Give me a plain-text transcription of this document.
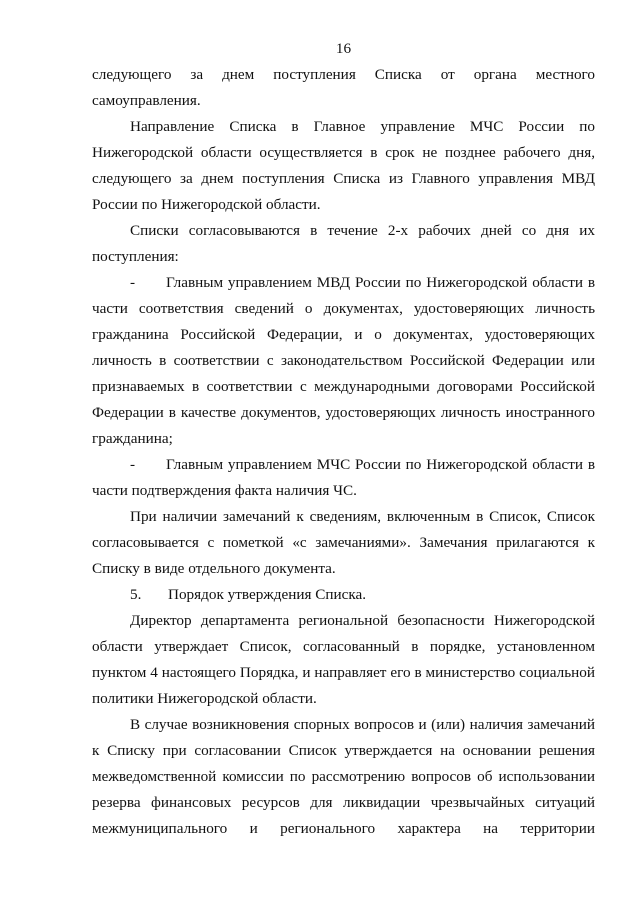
16

следующего за днем поступления Списка от органа местного самоуправления.

Направление Списка в Главное управление МЧС России по Нижегородской области осуществляется в срок не позднее рабочего дня, следующего за днем поступления Списка из Главного управления МВД России по Нижегородской области.

Списки согласовываются в течение 2-х рабочих дней со дня их поступления:

- Главным управлением МВД России по Нижегородской области в части соответствия сведений о документах, удостоверяющих личность гражданина Российской Федерации, и о документах, удостоверяющих личность в соответствии с законодательством Российской Федерации или признаваемых в соответствии с международными договорами Российской Федерации в качестве документов, удостоверяющих личность иностранного гражданина;

- Главным управлением МЧС России по Нижегородской области в части подтверждения факта наличия ЧС.

При наличии замечаний к сведениям, включенным в Список, Список согласовывается с пометкой «с замечаниями». Замечания прилагаются к Списку в виде отдельного документа.

5. Порядок утверждения Списка.

Директор департамента региональной безопасности Нижегородской области утверждает Список, согласованный в порядке, установленном пунктом 4 настоящего Порядка, и направляет его в министерство социальной политики Нижегородской области.

В случае возникновения спорных вопросов и (или) наличия замечаний к Списку при согласовании Список утверждается на основании решения межведомственной комиссии по рассмотрению вопросов об использовании резерва финансовых ресурсов для ликвидации чрезвычайных ситуаций межмуниципального и регионального характера на территории
